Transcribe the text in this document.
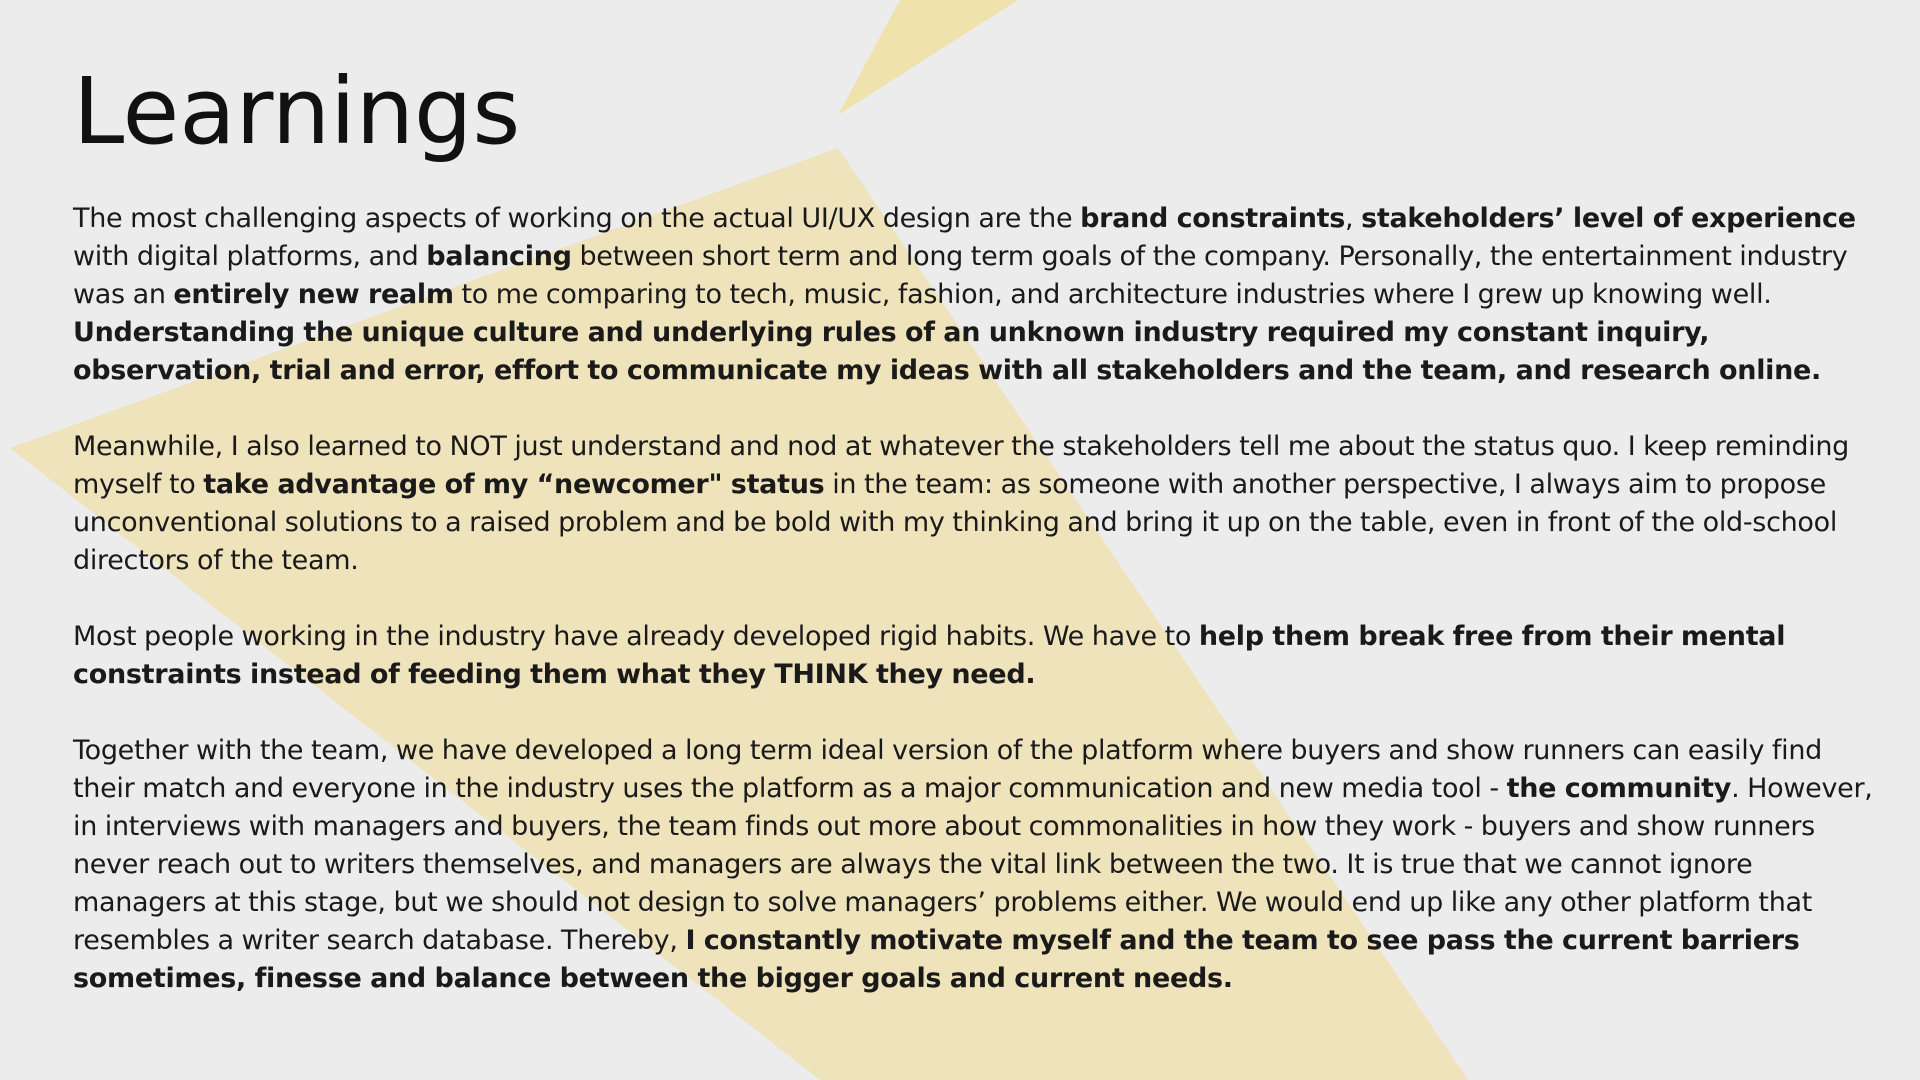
Learnings

The most challenging aspects of working on the actual UI/UX design are the brand constraints, stakeholders’ level of experience with digital platforms, and balancing between short term and long term goals of the company. Personally, the entertainment industry was an entirely new realm to me comparing to tech, music, fashion, and architecture industries where I grew up knowing well. Understanding the unique culture and underlying rules of an unknown industry required my constant inquiry, observation, trial and error, effort to communicate my ideas with all stakeholders and the team, and research online.

Meanwhile, I also learned to NOT just understand and nod at whatever the stakeholders tell me about the status quo. I keep reminding myself to take advantage of my “newcomer" status in the team: as someone with another perspective, I always aim to propose unconventional solutions to a raised problem and be bold with my thinking and bring it up on the table, even in front of the old-school directors of the team.

Most people working in the industry have already developed rigid habits. We have to help them break free from their mental constraints instead of feeding them what they THINK they need.

Together with the team, we have developed a long term ideal version of the platform where buyers and show runners can easily find their match and everyone in the industry uses the platform as a major communication and new media tool - the community. However, in interviews with managers and buyers, the team finds out more about commonalities in how they work - buyers and show runners never reach out to writers themselves, and managers are always the vital link between the two. It is true that we cannot ignore managers at this stage, but we should not design to solve managers’ problems either. We would end up like any other platform that resembles a writer search database. Thereby, I constantly motivate myself and the team to see pass the current barriers sometimes, finesse and balance between the bigger goals and current needs.
